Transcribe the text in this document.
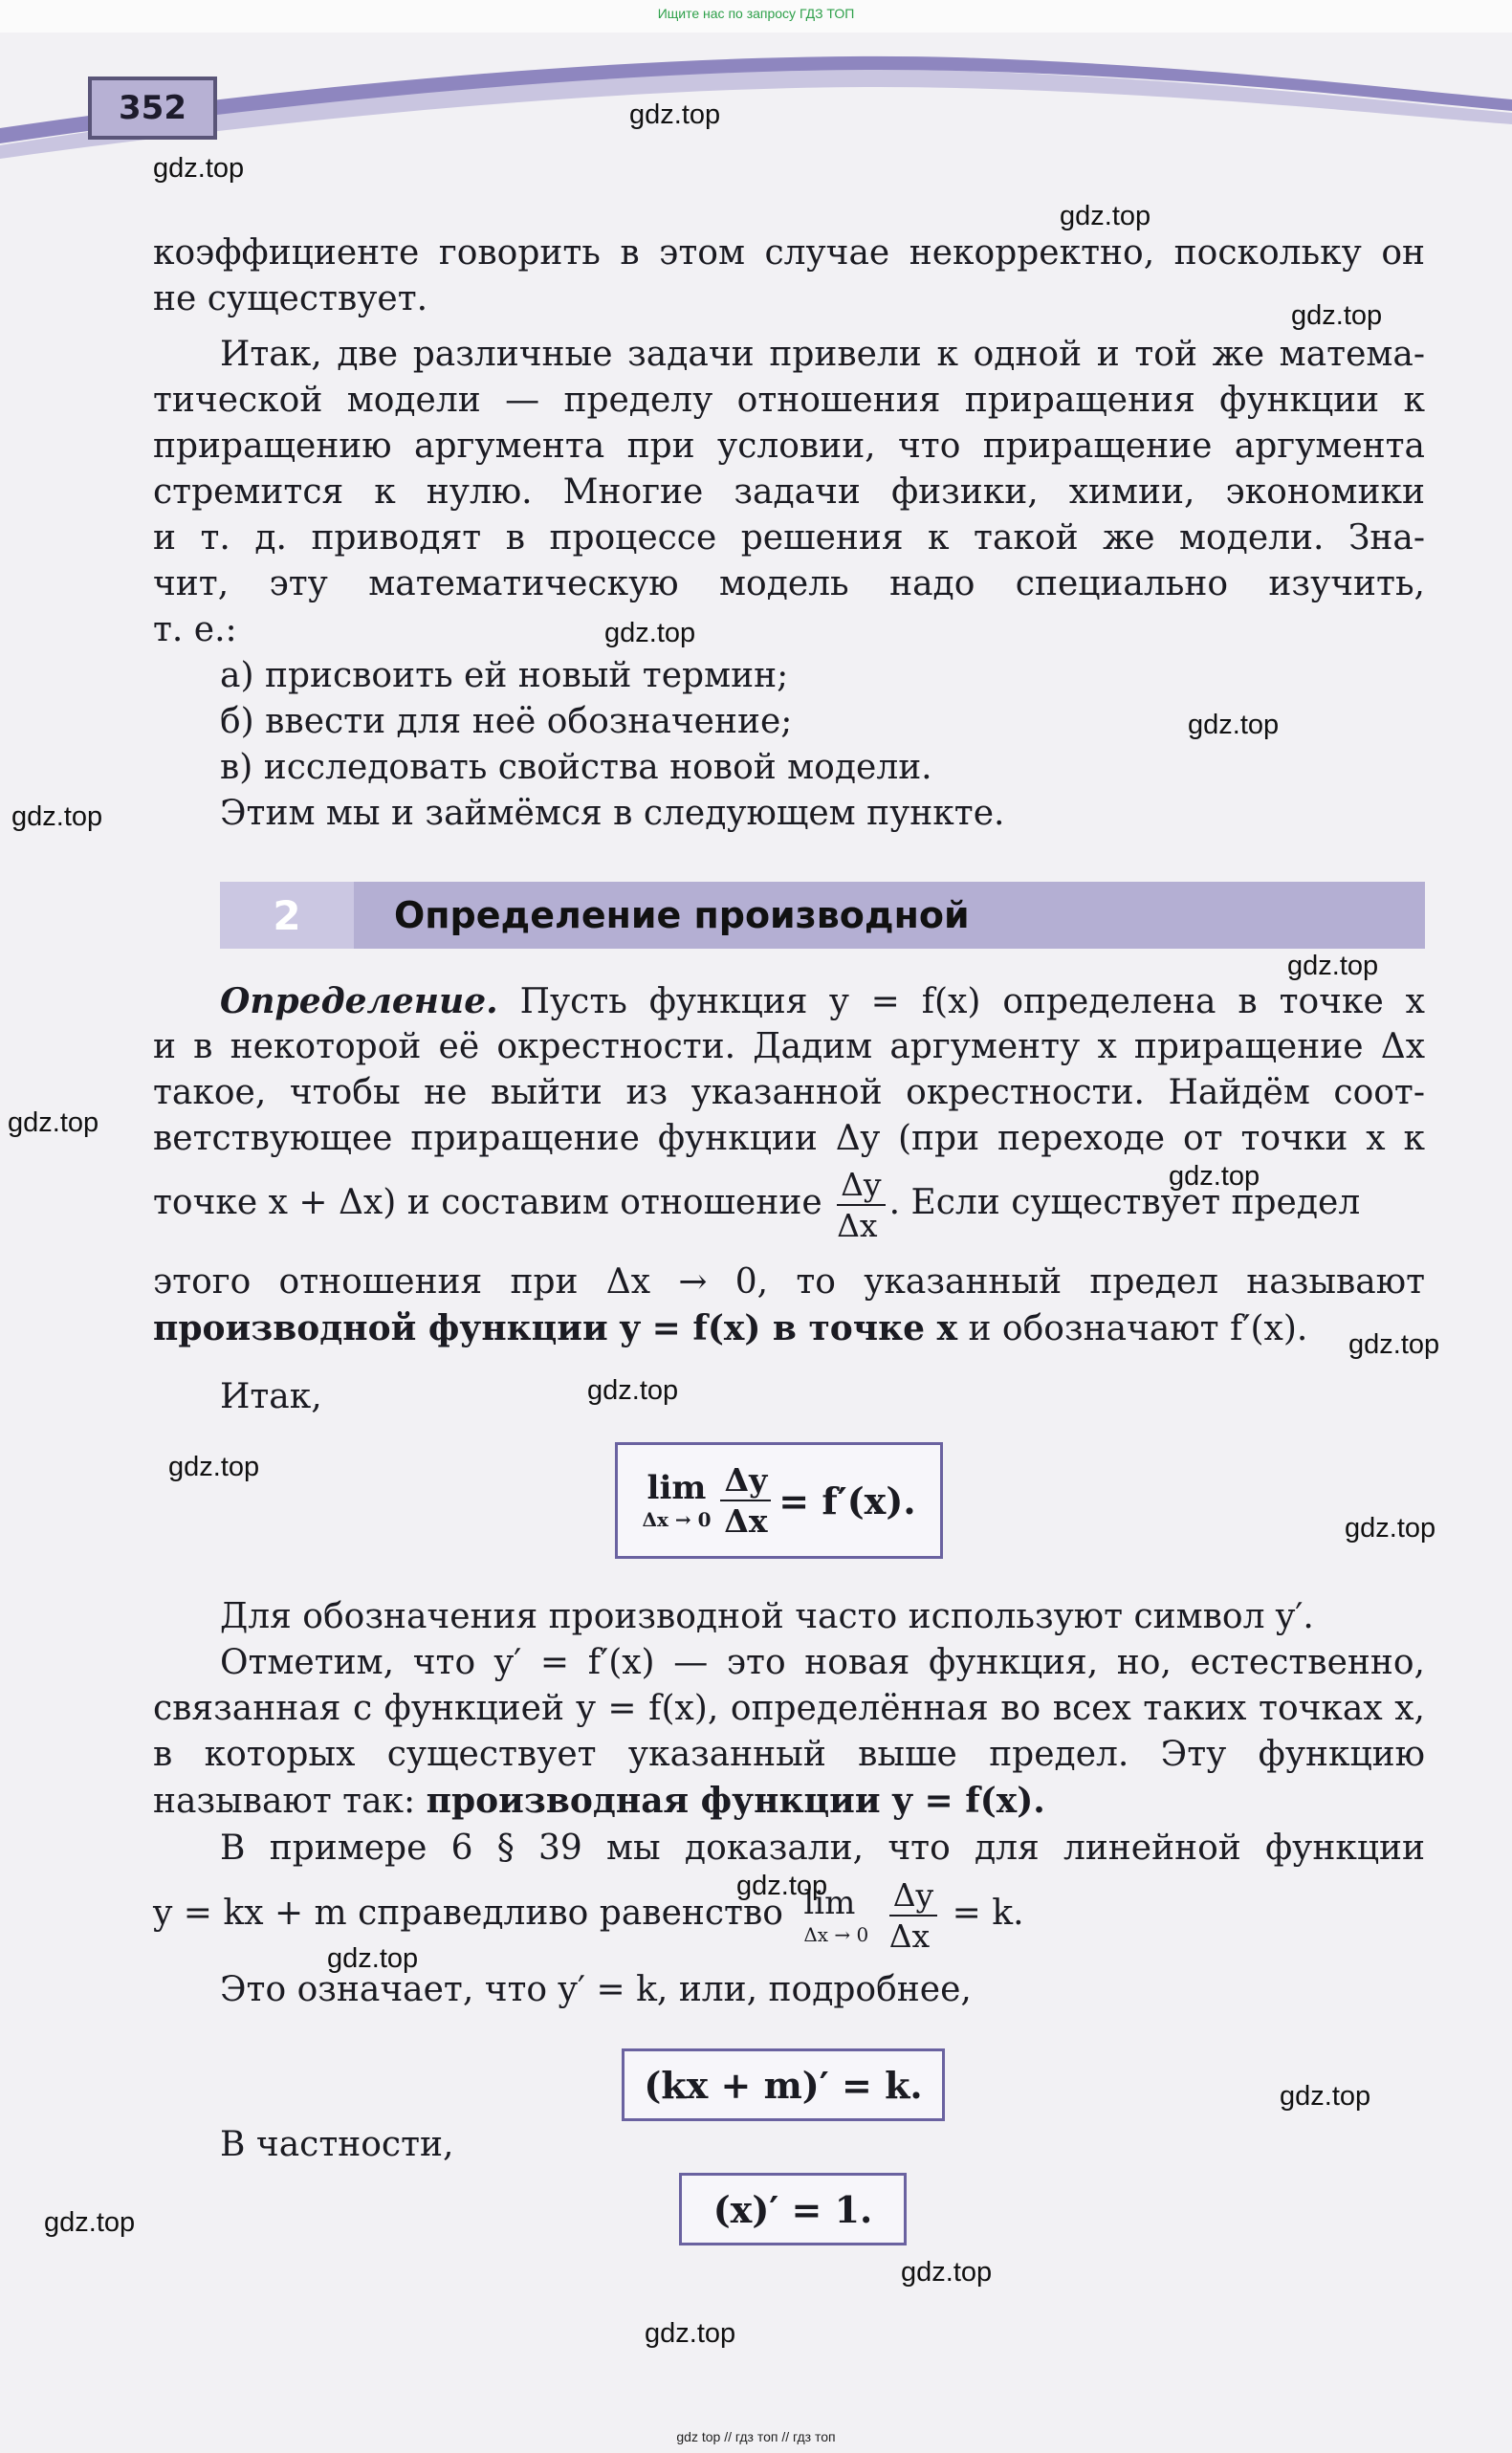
Ищите нас по запросу ГДЗ ТОП
352
коэффициенте говорить в этом случае некорректно, поскольку он
не существует.
Итак, две различные задачи привели к одной и той же матема-
тической модели — пределу отношения приращения функции к
приращению аргумента при условии, что приращение аргумента
стремится к нулю. Многие задачи физики, химии, экономики
и т. д. приводят в процессе решения к такой же модели. Зна-
чит, эту математическую модель надо специально изучить,
т. е.:
а) присвоить ей новый термин;
б) ввести для неё обозначение;
в) исследовать свойства новой модели.
Этим мы и займёмся в следующем пункте.
2	Определение производной
Определение. Пусть функция y = f(x) определена в точке x
и в некоторой её окрестности. Дадим аргументу x приращение Δx
такое, чтобы не выйти из указанной окрестности. Найдём соот-
ветствующее приращение функции Δy (при переходе от точки x к
точке x + Δx) и составим отношение $\frac{\Delta y}{\Delta x}$ . Если существует предел
этого отношения при Δx → 0, то указанный предел называют
производной функции y = f(x) в точке x и обозначают f′(x).
Итак,
lim
$\Delta x \to 0 \frac{\Delta y}{\Delta x} = f'(x)$.
Для обозначения производной часто используют символ y′.
Отметим, что y′ = f′(x) — это новая функция, но, естественно,
связанная с функцией y = f(x), определённая во всех таких точках x,
в которых существует указанный выше предел. Эту функцию
называют так: производная функции y = f(x).
В примере 6 § 39 мы доказали, что для линейной функции
y = kx + m справедливо равенство lim
Δx → 0
$\frac{\Delta y}{\Delta x} = k$.
Это означает, что y′ = k, или, подробнее,
(kx + m)′ = k.
В частности,
(x)′ = 1.
gdz.top
gdz.top
gdz.top
gdz.top
gdz.top
gdz.top
gdz.top
gdz.top
gdz.top
gdz.top
gdz.top
gdz.top
gdz.top
gdz.top
gdz.top
gdz.top
gdz.top
gdz.top
gdz.top
gdz.top
gdz top // гдз топ // гдз топ
